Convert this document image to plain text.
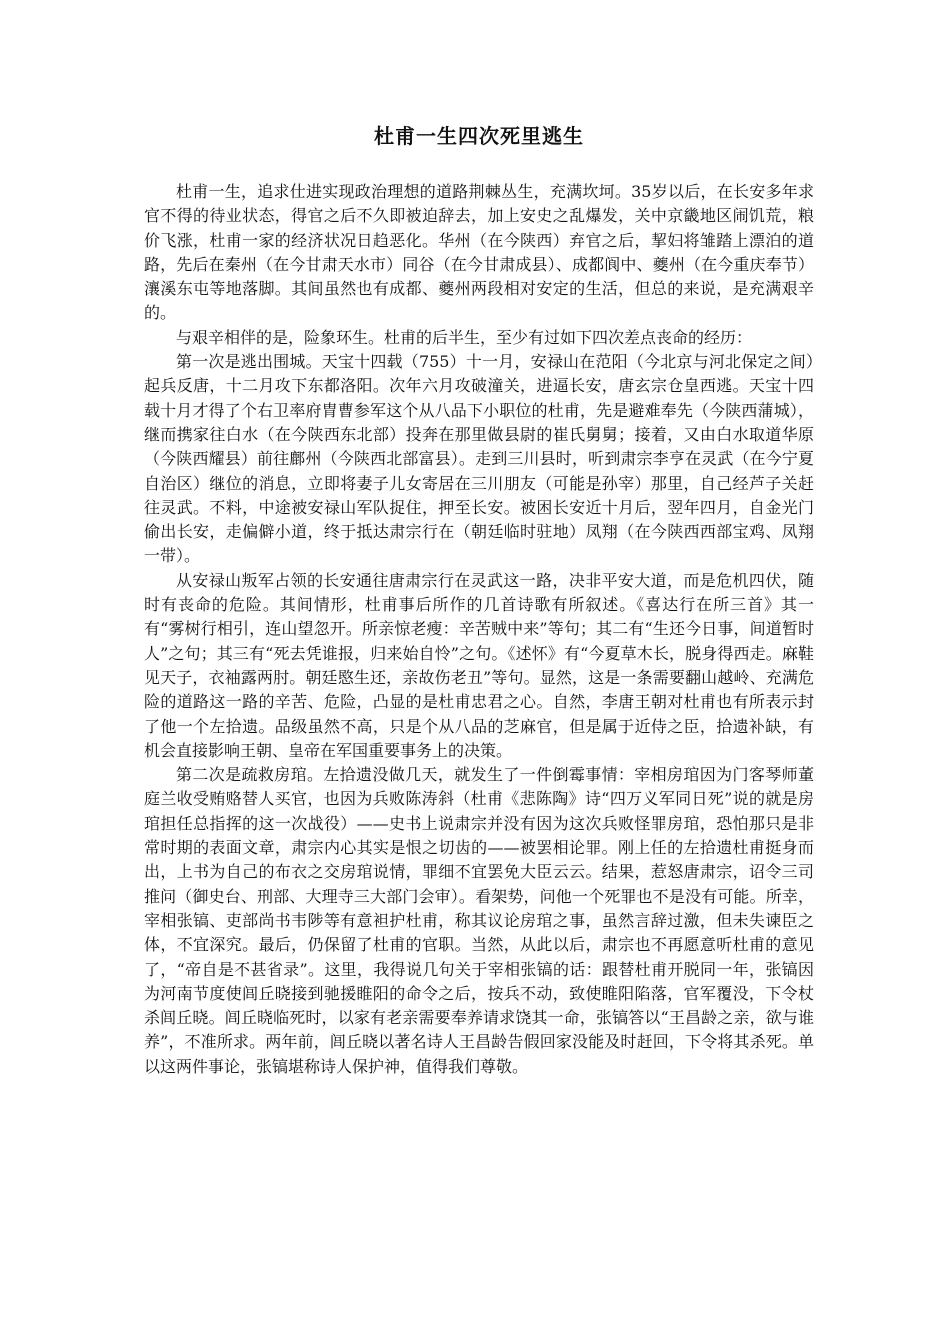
杜甫一生四次死里逃生

杜甫一生，追求仕进实现政治理想的道路荆棘丛生，充满坎坷。35岁以后，在长安多年求官不得的待业状态，得官之后不久即被迫辞去，加上安史之乱爆发，关中京畿地区闹饥荒，粮价飞涨，杜甫一家的经济状况日趋恶化。华州（在今陕西）弃官之后，挈妇将雏踏上漂泊的道路，先后在秦州（在今甘肃天水市）同谷（在今甘肃成县）、成都阆中、夔州（在今重庆奉节）瀼溪东屯等地落脚。其间虽然也有成都、夔州两段相对安定的生活，但总的来说，是充满艰辛的。

与艰辛相伴的是，险象环生。杜甫的后半生，至少有过如下四次差点丧命的经历：

第一次是逃出围城。天宝十四载（755）十一月，安禄山在范阳（今北京与河北保定之间）起兵反唐，十二月攻下东都洛阳。次年六月攻破潼关，进逼长安，唐玄宗仓皇西逃。天宝十四载十月才得了个右卫率府胄曹参军这个从八品下小职位的杜甫，先是避难奉先（今陕西蒲城），继而携家往白水（在今陕西东北部）投奔在那里做县尉的崔氏舅舅；接着，又由白水取道华原（今陕西耀县）前往鄜州（今陕西北部富县）。走到三川县时，听到肃宗李亨在灵武（在今宁夏自治区）继位的消息，立即将妻子儿女寄居在三川朋友（可能是孙宰）那里，自己经芦子关赶往灵武。不料，中途被安禄山军队捉住，押至长安。被困长安近十月后，翌年四月，自金光门偷出长安，走偏僻小道，终于抵达肃宗行在（朝廷临时驻地）凤翔（在今陕西西部宝鸡、凤翔一带）。

从安禄山叛军占领的长安通往唐肃宗行在灵武这一路，决非平安大道，而是危机四伏，随时有丧命的危险。其间情形，杜甫事后所作的几首诗歌有所叙述。《喜达行在所三首》其一有“雾树行相引，连山望忽开。所亲惊老瘦：辛苦贼中来”等句；其二有“生还今日事，间道暂时人”之句；其三有“死去凭谁报，归来始自怜”之句。《述怀》有“今夏草木长，脱身得西走。麻鞋见天子，衣袖露两肘。朝廷愍生还，亲故伤老丑”等句。显然，这是一条需要翻山越岭、充满危险的道路这一路的辛苦、危险，凸显的是杜甫忠君之心。自然，李唐王朝对杜甫也有所表示封了他一个左拾遗。品级虽然不高，只是个从八品的芝麻官，但是属于近侍之臣，拾遗补缺，有机会直接影响王朝、皇帝在军国重要事务上的决策。

第二次是疏救房琯。左拾遗没做几天，就发生了一件倒霉事情：宰相房琯因为门客琴师董庭兰收受贿赂替人买官，也因为兵败陈涛斜（杜甫《悲陈陶》诗“四万义军同日死”说的就是房琯担任总指挥的这一次战役）——史书上说肃宗并没有因为这次兵败怪罪房琯，恐怕那只是非常时期的表面文章，肃宗内心其实是恨之切齿的——被罢相论罪。刚上任的左拾遗杜甫挺身而出，上书为自己的布衣之交房琯说情，罪细不宜罢免大臣云云。结果，惹怒唐肃宗，诏令三司推问（御史台、刑部、大理寺三大部门会审）。看架势，问他一个死罪也不是没有可能。所幸，宰相张镐、吏部尚书韦陟等有意袒护杜甫，称其议论房琯之事，虽然言辞过激，但未失谏臣之体，不宜深究。最后，仍保留了杜甫的官职。当然，从此以后，肃宗也不再愿意听杜甫的意见了，“帝自是不甚省录”。这里，我得说几句关于宰相张镐的话：跟替杜甫开脱同一年，张镐因为河南节度使闾丘晓接到驰援睢阳的命令之后，按兵不动，致使睢阳陷落，官军覆没，下令杖杀闾丘晓。闾丘晓临死时，以家有老亲需要奉养请求饶其一命，张镐答以“王昌龄之亲，欲与谁养”，不准所求。两年前，闾丘晓以著名诗人王昌龄告假回家没能及时赶回，下令将其杀死。单以这两件事论，张镐堪称诗人保护神，值得我们尊敬。
